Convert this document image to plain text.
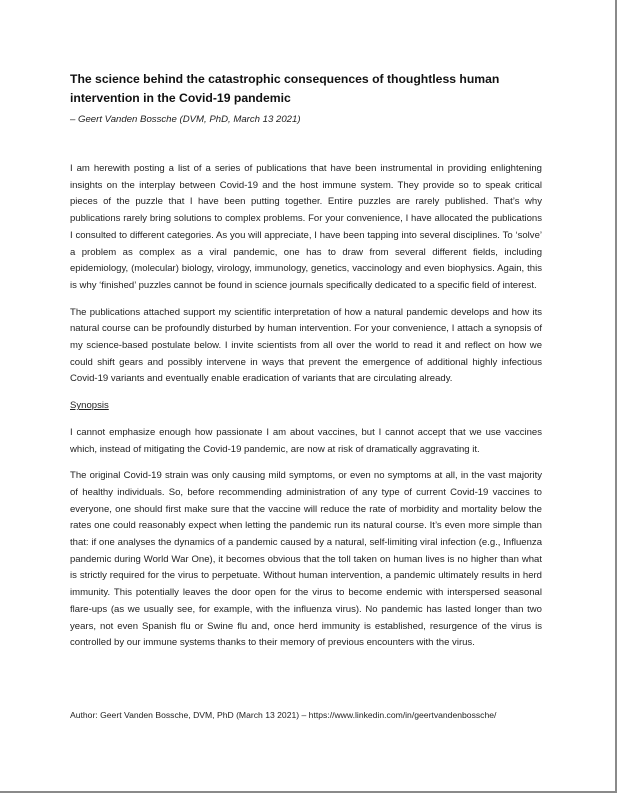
The science behind the catastrophic consequences of thoughtless human intervention in the Covid-19 pandemic

– Geert Vanden Bossche (DVM, PhD, March 13 2021)

I am herewith posting a list of a series of publications that have been instrumental in providing enlightening insights on the interplay between Covid-19 and the host immune system. They provide so to speak critical pieces of the puzzle that I have been putting together. Entire puzzles are rarely published. That’s why publications rarely bring solutions to complex problems. For your convenience, I have allocated the publications I consulted to different categories. As you will appreciate, I have been tapping into several disciplines. To ‘solve’ a problem as complex as a viral pandemic, one has to draw from several different fields, including epidemiology, (molecular) biology, virology, immunology, genetics, vaccinology and even biophysics. Again, this is why ‘finished’ puzzles cannot be found in science journals specifically dedicated to a specific field of interest.

The publications attached support my scientific interpretation of how a natural pandemic develops and how its natural course can be profoundly disturbed by human intervention. For your convenience, I attach a synopsis of my science-based postulate below. I invite scientists from all over the world to read it and reflect on how we could shift gears and possibly intervene in ways that prevent the emergence of additional highly infectious Covid-19 variants and eventually enable eradication of variants that are circulating already.

Synopsis

I cannot emphasize enough how passionate I am about vaccines, but I cannot accept that we use vaccines which, instead of mitigating the Covid-19 pandemic, are now at risk of dramatically aggravating it.

The original Covid-19 strain was only causing mild symptoms, or even no symptoms at all, in the vast majority of healthy individuals. So, before recommending administration of any type of current Covid-19 vaccines to everyone, one should first make sure that the vaccine will reduce the rate of morbidity and mortality below the rates one could reasonably expect when letting the pandemic run its natural course. It’s even more simple than that: if one analyses the dynamics of a pandemic caused by a natural, self-limiting viral infection (e.g., Influenza pandemic during World War One), it becomes obvious that the toll taken on human lives is no higher than what is strictly required for the virus to perpetuate. Without human intervention, a pandemic ultimately results in herd immunity. This potentially leaves the door open for the virus to become endemic with interspersed seasonal flare-ups (as we usually see, for example, with the influenza virus). No pandemic has lasted longer than two years, not even Spanish flu or Swine flu and, once herd immunity is established, resurgence of the virus is controlled by our immune systems thanks to their memory of previous encounters with the virus.

Author: Geert Vanden Bossche, DVM, PhD (March 13 2021) – https://www.linkedin.com/in/geertvandenbossche/
